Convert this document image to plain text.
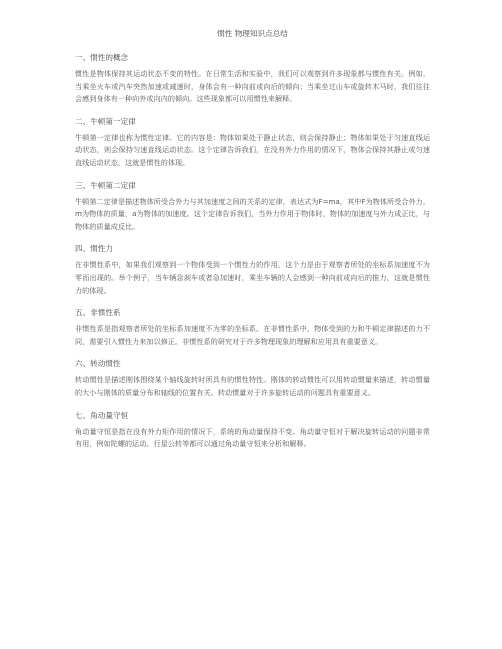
惯性 物理知识点总结
一、惯性的概念
惯性是物体保持其运动状态不变的特性。在日常生活和实验中，我们可以观察到许多现象都与惯性有关。例如，当乘坐火车或汽车突然加速或减速时，身体会有一种向前或向后的倾向；当乘坐过山车或旋转木马时，我们往往会感到身体有一种向外或向内的倾向。这些现象都可以用惯性来解释。
二、牛顿第一定律
牛顿第一定律也称为惯性定律。它的内容是：物体如果处于静止状态，则会保持静止；物体如果处于匀速直线运动状态，则会保持匀速直线运动状态。这个定律告诉我们，在没有外力作用的情况下，物体会保持其静止或匀速直线运动状态，这就是惯性的体现。
三、牛顿第二定律
牛顿第二定律是描述物体所受合外力与其加速度之间的关系的定律，表达式为F=ma，其中F为物体所受合外力，m为物体的质量，a为物体的加速度。这个定律告诉我们，当外力作用于物体时，物体的加速度与外力成正比，与物体的质量成反比。
四、惯性力
在非惯性系中，如果我们观察到一个物体受到一个惯性力的作用，这个力是由于观察者所处的坐标系加速度不为零而出现的。举个例子，当车辆急刹车或者急加速时，乘坐车辆的人会感到一种向前或向后的推力，这就是惯性力的体现。
五、非惯性系
非惯性系是指观察者所处的坐标系加速度不为零的坐标系。在非惯性系中，物体受到的力和牛顿定律描述的力不同，需要引入惯性力来加以修正。非惯性系的研究对于许多物理现象的理解和应用具有重要意义。
六、转动惯性
转动惯性是描述刚体围绕某个轴线旋转时所具有的惯性特性。刚体的转动惯性可以用转动惯量来描述，转动惯量的大小与刚体的质量分布和轴线的位置有关。转动惯量对于许多旋转运动的问题具有重要意义。
七、角动量守恒
角动量守恒是指在没有外力矩作用的情况下，系统的角动量保持不变。角动量守恒对于解决旋转运动的问题非常有用，例如陀螺的运动、行星公转等都可以通过角动量守恒来分析和解释。
